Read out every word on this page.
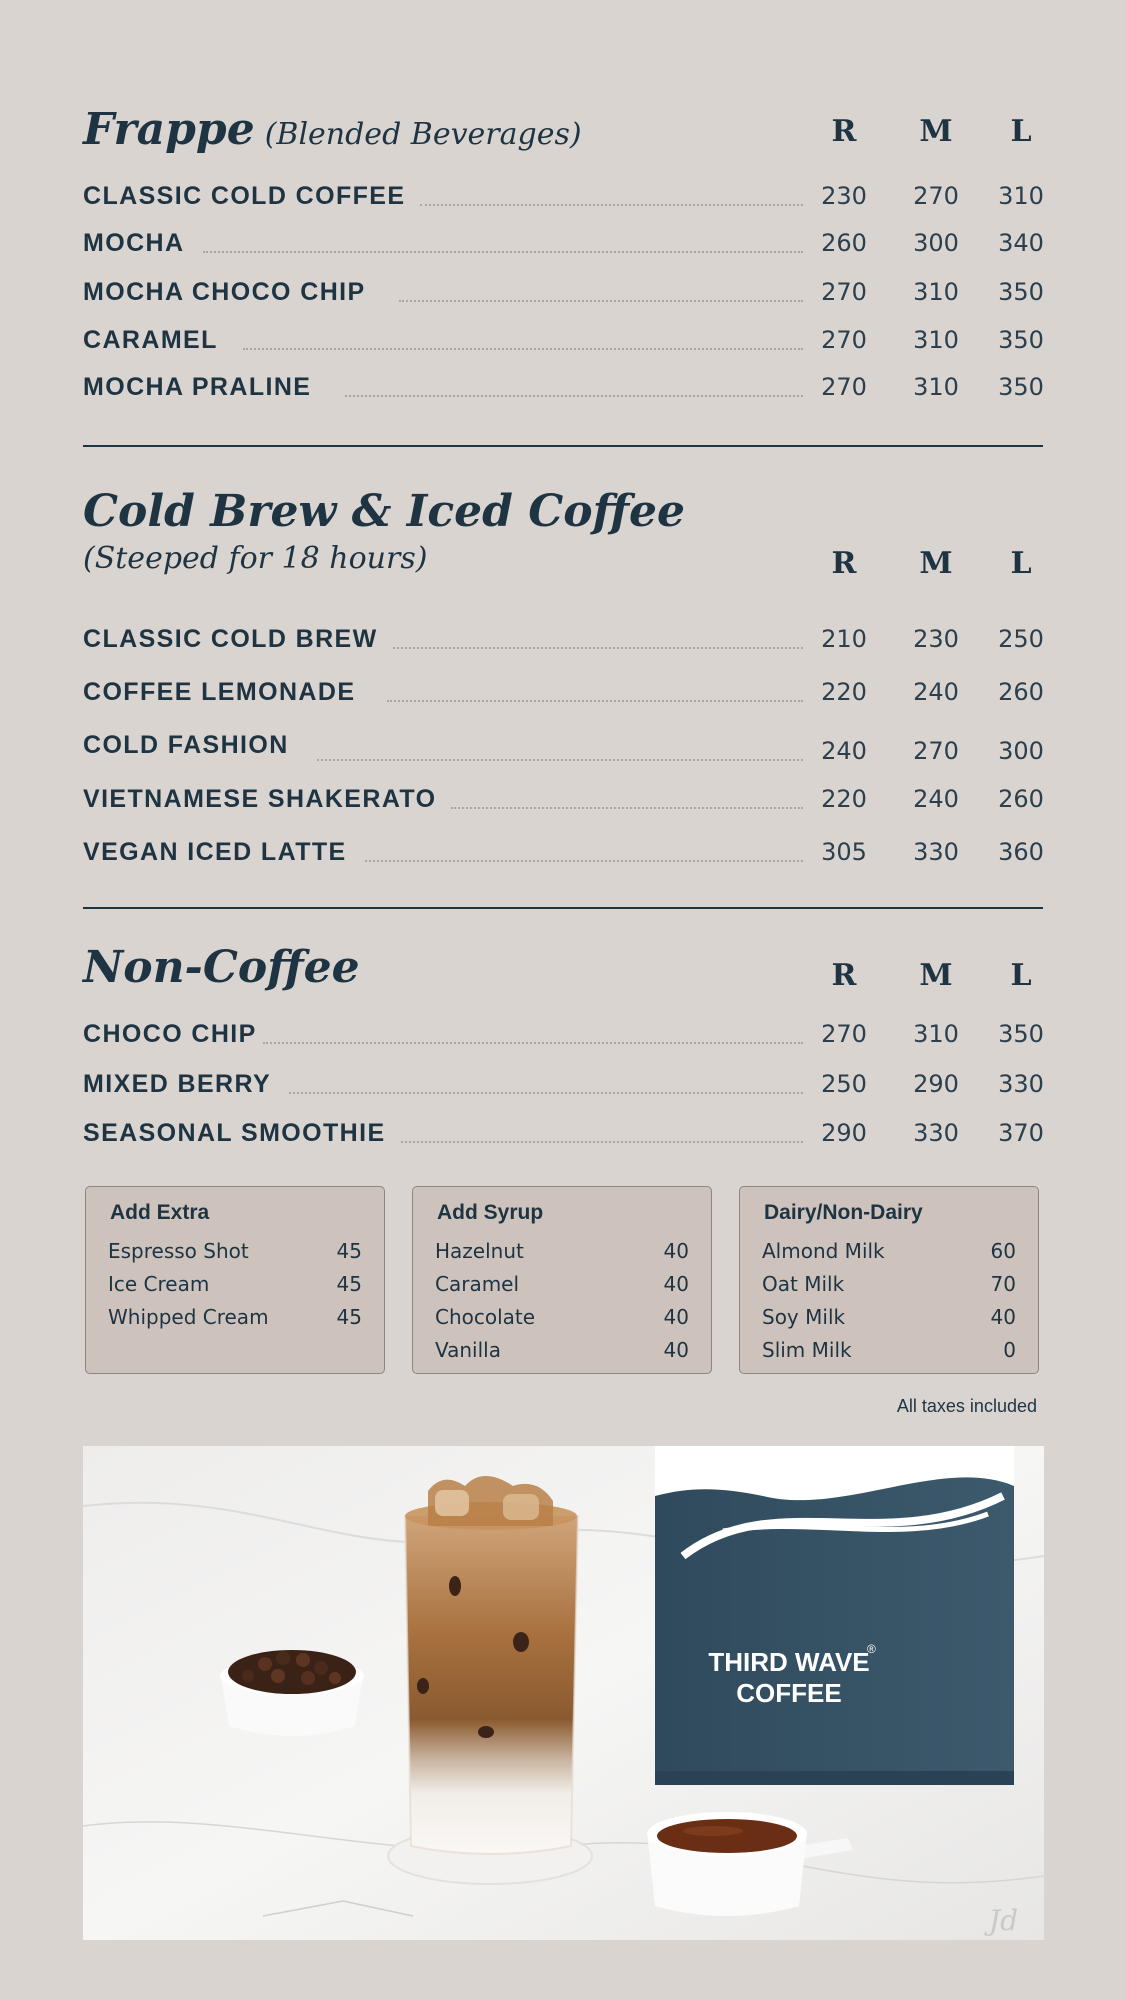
Frappe (Blended Beverages)	R	M	L
CLASSIC COLD COFFEE	230	270	310
MOCHA	260	300	340
MOCHA CHOCO CHIP	270	310	350
CARAMEL	270	310	350
MOCHA PRALINE	270	310	350
Cold Brew & Iced Coffee
(Steeped for 18 hours)	R	M	L
CLASSIC COLD BREW	210	230	250
COFFEE LEMONADE	220	240	260
COLD FASHION	240	270	300
VIETNAMESE SHAKERATO	220	240	260
VEGAN ICED LATTE	305	330	360
Non-Coffee	R	M	L
CHOCO CHIP	270	310	350
MIXED BERRY	250	290	330
SEASONAL SMOOTHIE	290	330	370
Add Extra
Espresso Shot	45
Ice Cream	45
Whipped Cream	45
Add Syrup
Hazelnut	40
Caramel	40
Chocolate	40
Vanilla	40
Dairy/Non-Dairy
Almond Milk	60
Oat Milk	70
Soy Milk	40
Slim Milk	0
All taxes included
THIRD WAVE
®
COFFEE
Jd
